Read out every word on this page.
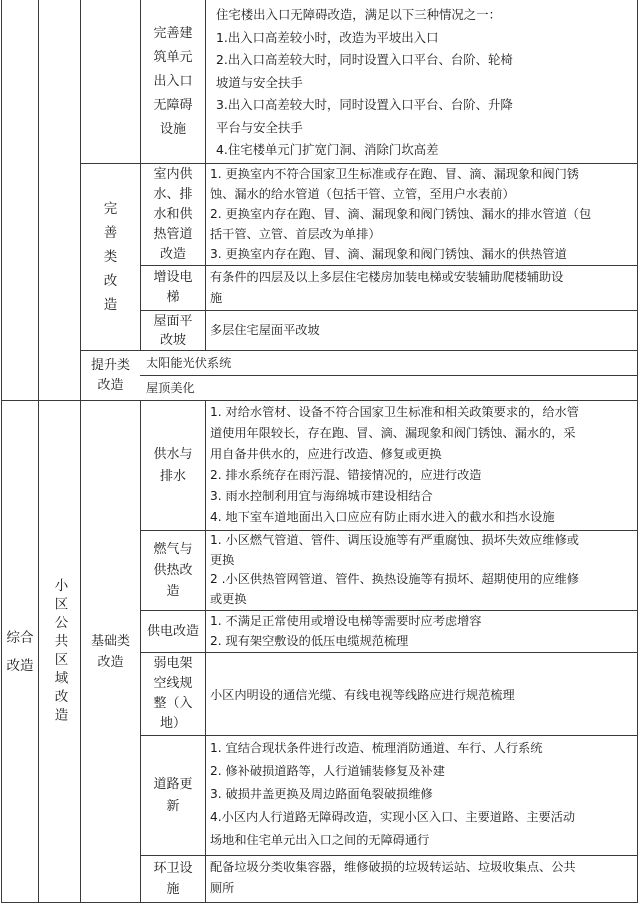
综合
改造	小区公共区域改造
完
善
类
改
造
提升类
改造
基础类
改造
完善建
筑单元
出入口
无障碍
设施
室内供
水、排
水和供
热管道
改造
增设电
梯
屋面平
改坡
供水与
排水
燃气与
供热改
造
供电改造
弱电架
空线规
整（入
地）
道路更
新
环卫设
施
住宅楼出入口无障碍改造，满足以下三种情况之一：
1.出入口高差较小时，改造为平坡出入口
2.出入口高差较大时，同时设置入口平台、台阶、轮椅
坡道与安全扶手
3.出入口高差较大时，同时设置入口平台、台阶、升降
平台与安全扶手
4.住宅楼单元门扩宽门洞、消除门坎高差
1. 更换室内不符合国家卫生标准或存在跑、冒、滴、漏现象和阀门锈
蚀、漏水的给水管道（包括干管、立管，至用户水表前）
2. 更换室内存在跑、冒、滴、漏现象和阀门锈蚀、漏水的排水管道（包
括干管、立管、首层改为单排）
3. 更换室内存在跑、冒、滴、漏现象和阀门锈蚀、漏水的供热管道
有条件的四层及以上多层住宅楼房加装电梯或安装辅助爬楼辅助设
施
多层住宅屋面平改坡
太阳能光伏系统
屋顶美化
1. 对给水管材、设备不符合国家卫生标准和相关政策要求的，给水管
道使用年限较长，存在跑、冒、滴、漏现象和阀门锈蚀、漏水的，采
用自备井供水的，应进行改造、修复或更换
2. 排水系统存在雨污混、错接情况的，应进行改造
3. 雨水控制利用宜与海绵城市建设相结合
4. 地下室车道地面出入口应应有防止雨水进入的截水和挡水设施
1. 小区燃气管道、管件、调压设施等有严重腐蚀、损坏失效应维修或
更换
2 .小区供热管网管道、管件、换热设施等有损坏、超期使用的应维修
或更换
1. 不满足正常使用或增设电梯等需要时应考虑增容
2. 现有架空敷设的低压电缆规范梳理
小区内明设的通信光缆、有线电视等线路应进行规范梳理
1. 宜结合现状条件进行改造、梳理消防通道、车行、人行系统
2. 修补破损道路等，人行道铺装修复及补建
3. 破损井盖更换及周边路面龟裂破损维修
4.小区内人行道路无障碍改造，实现小区入口、主要道路、主要活动
场地和住宅单元出入口之间的无障碍通行
配备垃圾分类收集容器，维修破损的垃圾转运站、垃圾收集点、公共
厕所
